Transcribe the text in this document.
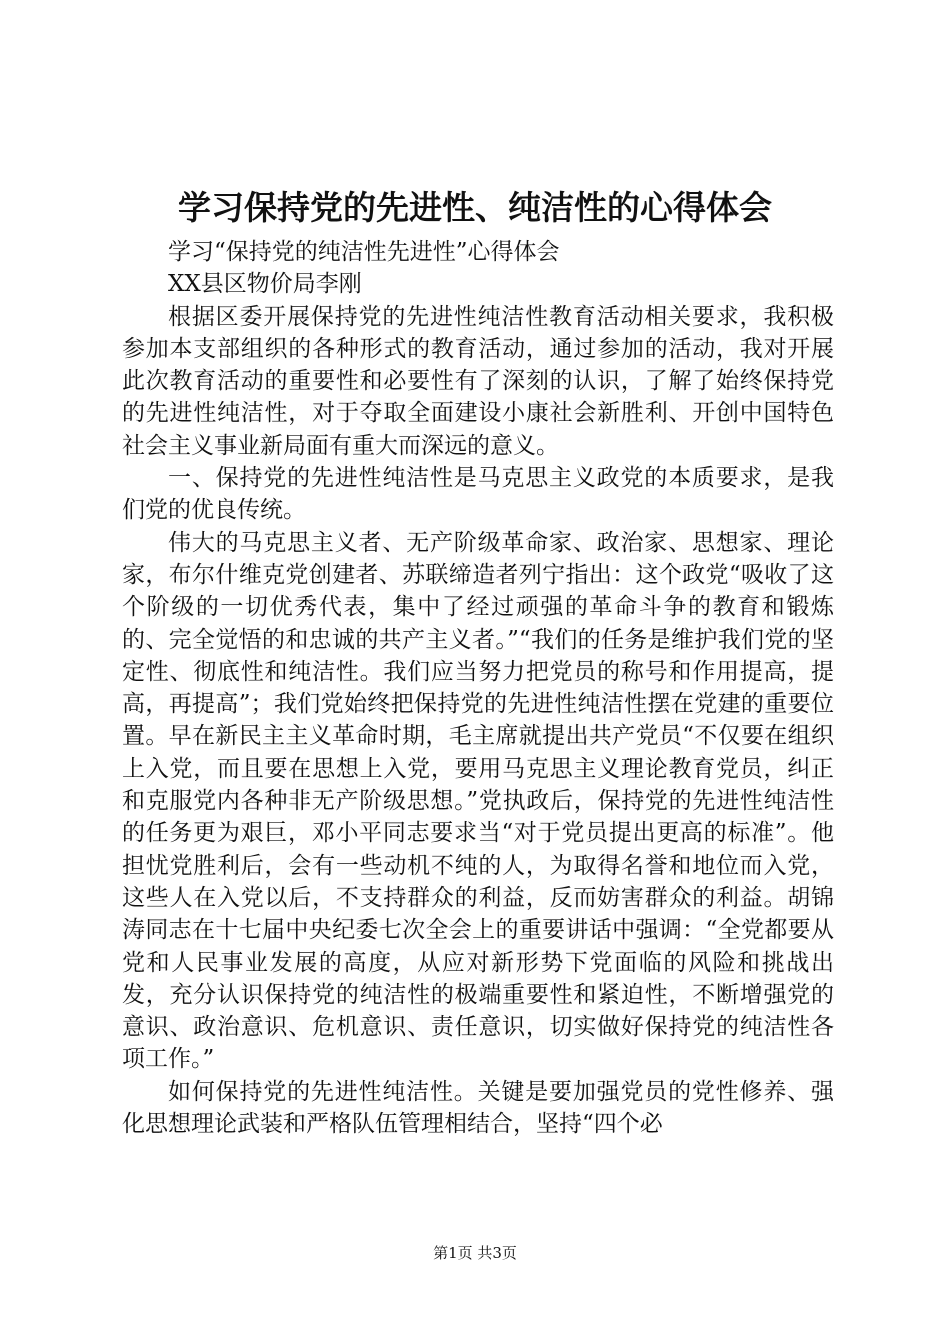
学习保持党的先进性、纯洁性的心得体会

学习“保持党的纯洁性先进性”心得体会

XX县区物价局李刚

根据区委开展保持党的先进性纯洁性教育活动相关要求，我积极参加本支部组织的各种形式的教育活动，通过参加的活动，我对开展此次教育活动的重要性和必要性有了深刻的认识，了解了始终保持党的先进性纯洁性，对于夺取全面建设小康社会新胜利、开创中国特色社会主义事业新局面有重大而深远的意义。

一、保持党的先进性纯洁性是马克思主义政党的本质要求，是我们党的优良传统。

伟大的马克思主义者、无产阶级革命家、政治家、思想家、理论家，布尔什维克党创建者、苏联缔造者列宁指出：这个政党“吸收了这个阶级的一切优秀代表，集中了经过顽强的革命斗争的教育和锻炼的、完全觉悟的和忠诚的共产主义者。”“我们的任务是维护我们党的坚定性、彻底性和纯洁性。我们应当努力把党员的称号和作用提高，提高，再提高”；我们党始终把保持党的先进性纯洁性摆在党建的重要位置。早在新民主主义革命时期，毛主席就提出共产党员“不仅要在组织上入党，而且要在思想上入党，要用马克思主义理论教育党员，纠正和克服党内各种非无产阶级思想。”党执政后，保持党的先进性纯洁性的任务更为艰巨，邓小平同志要求当“对于党员提出更高的标准”。他担忧党胜利后，会有一些动机不纯的人，为取得名誉和地位而入党，这些人在入党以后，不支持群众的利益，反而妨害群众的利益。胡锦涛同志在十七届中央纪委七次全会上的重要讲话中强调：“全党都要从党和人民事业发展的高度，从应对新形势下党面临的风险和挑战出发，充分认识保持党的纯洁性的极端重要性和紧迫性，不断增强党的意识、政治意识、危机意识、责任意识，切实做好保持党的纯洁性各项工作。”

如何保持党的先进性纯洁性。关键是要加强党员的党性修养、强化思想理论武装和严格队伍管理相结合，坚持“四个必

第1页 共3页
